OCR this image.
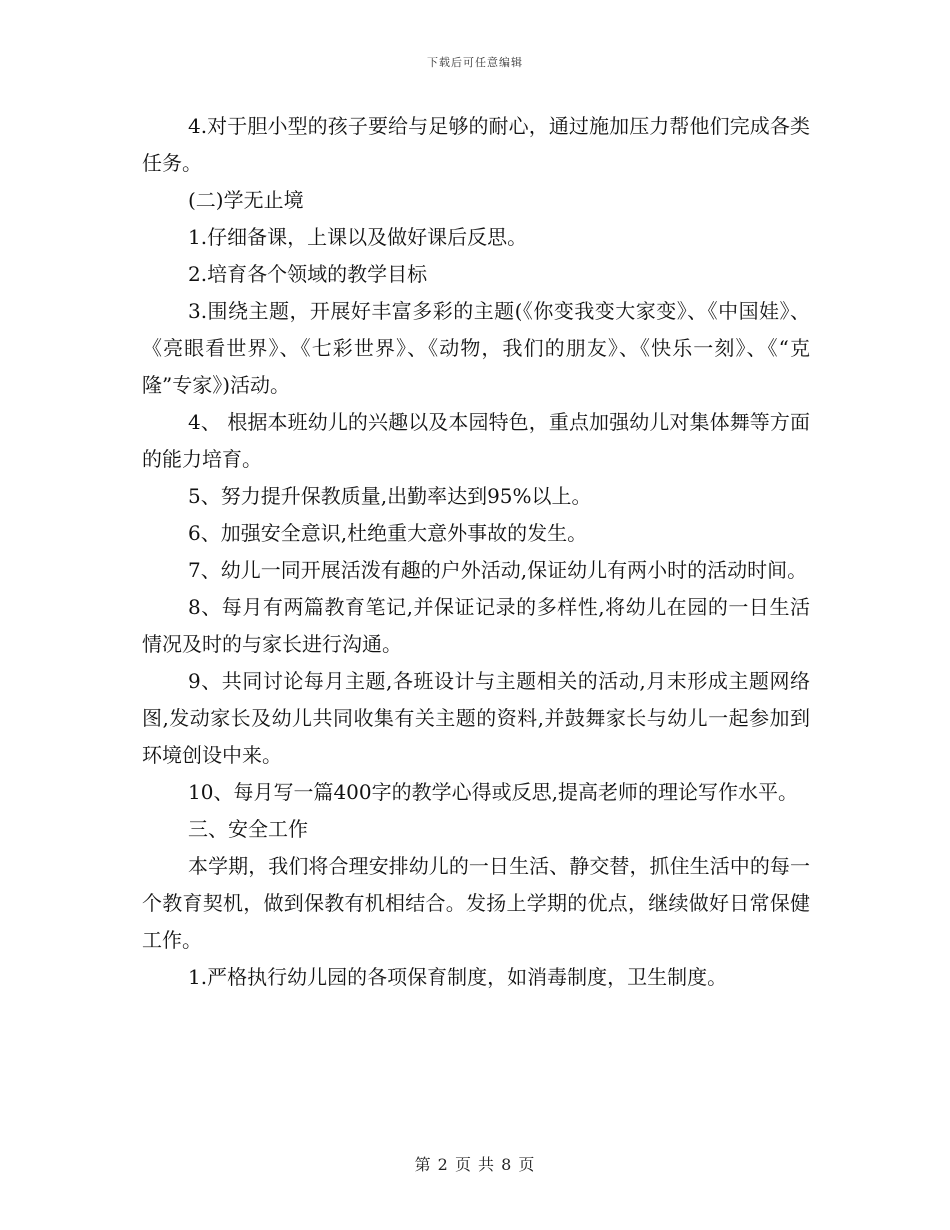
下载后可任意编辑

4.对于胆小型的孩子要给与足够的耐心，通过施加压力帮他们完成各类任务。

(二)学无止境

1.仔细备课，上课以及做好课后反思。

2.培育各个领域的教学目标

3.围绕主题，开展好丰富多彩的主题(《你变我变大家变》、《中国娃》、《亮眼看世界》、《七彩世界》、《动物，我们的朋友》、《快乐一刻》、《“克隆”专家》)活动。

4、 根据本班幼儿的兴趣以及本园特色，重点加强幼儿对集体舞等方面的能力培育。

5、努力提升保教质量,出勤率达到95%以上。

6、加强安全意识,杜绝重大意外事故的发生。

7、幼儿一同开展活泼有趣的户外活动,保证幼儿有两小时的活动时间。

8、每月有两篇教育笔记,并保证记录的多样性,将幼儿在园的一日生活情况及时的与家长进行沟通。

9、共同讨论每月主题,各班设计与主题相关的活动,月末形成主题网络图,发动家长及幼儿共同收集有关主题的资料,并鼓舞家长与幼儿一起参加到环境创设中来。

10、每月写一篇400字的教学心得或反思,提高老师的理论写作水平。

三、安全工作

本学期，我们将合理安排幼儿的一日生活、静交替，抓住生活中的每一个教育契机，做到保教有机相结合。发扬上学期的优点，继续做好日常保健工作。

1.严格执行幼儿园的各项保育制度，如消毒制度，卫生制度。

第 2 页 共 8 页
